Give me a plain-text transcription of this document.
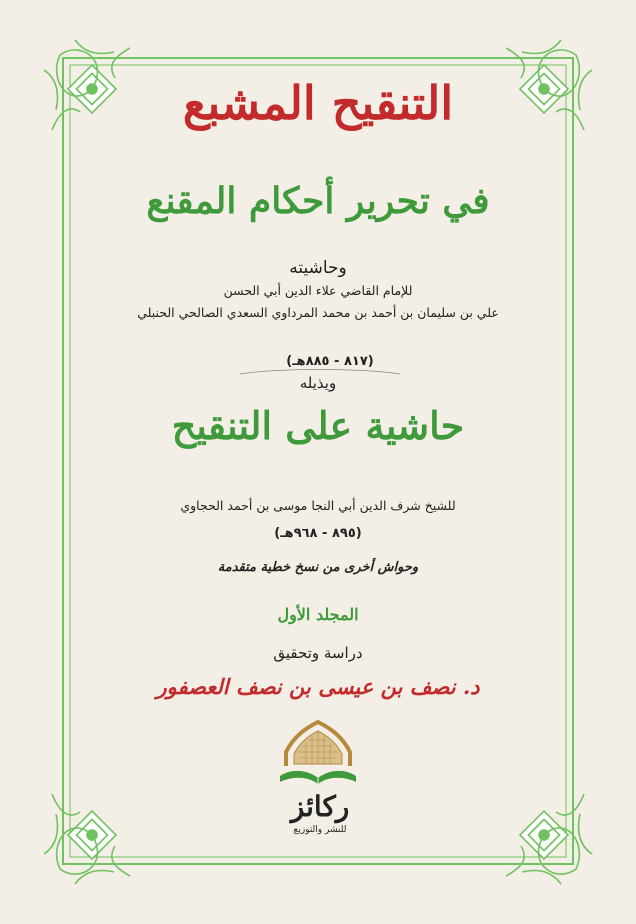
التنقيح المشبع
في تحرير أحكام المقنع
وحاشيته
للإمام القاضي علاء الدين أبي الحسن
علي بن سليمان بن أحمد بن محمد المرداوي السعدي الصالحي الحنبلي
(٨١٧ - ٨٨٥هـ)
ويذيله
حاشية على التنقيح
للشيخ شرف الدين أبي النجا موسى بن أحمد الحجاوي
(٨٩٥ - ٩٦٨هـ)
وحواش أخرى من نسخ خطية متقدمة
المجلد الأول
دراسة وتحقيق
د. نصف بن عيسى بن نصف العصفور
ركائز
للنشر والتوزيع
